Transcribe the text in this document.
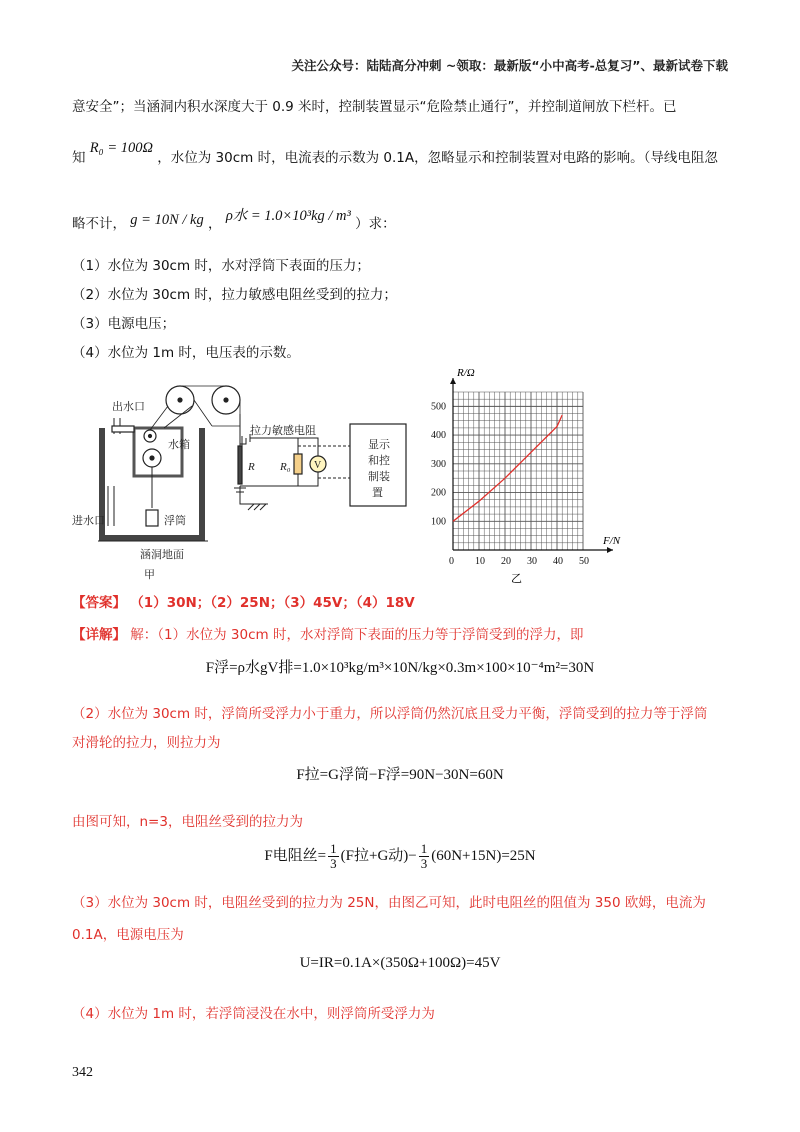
关注公众号：陆陆高分冲刺 ~领取：最新版“小中高考-总复习”、最新试卷下载
意安全”；当涵洞内积水深度大于 0.9 米时，控制装置显示“危险禁止通行”，并控制道闸放下栏杆。已
知 R₀ = 100Ω ，水位为 30cm 时，电流表的示数为 0.1A，忽略显示和控制装置对电路的影响。（导线电阻忽
略不计， g = 10N / kg ， ρ水 = 1.0×10³kg / m³ ）求：
（1）水位为 30cm 时，水对浮筒下表面的压力；
（2）水位为 30cm 时，拉力敏感电阻丝受到的拉力；
（3）电源电压；
（4）水位为 1m 时，电压表的示数。
出水口
进水口
水箱
浮筒
涵洞地面
甲
拉力敏感电阻
R R₀ V
显示
和控
制装
置
0 10 20 30 40 50
100
200
300
400
500
R/Ω
F/N
乙
【答案】 （1）30N；（2）25N；（3）45V；（4）18V
【详解】 解：（1）水位为 30cm 时，水对浮筒下表面的压力等于浮筒受到的浮力，即
F浮=ρ水gV排=1.0×10³kg/m³×10N/kg×0.3m×100×10⁻⁴m²=30N
（2）水位为 30cm 时，浮筒所受浮力小于重力，所以浮筒仍然沉底且受力平衡，浮筒受到的拉力等于浮筒
对滑轮的拉力，则拉力为
F拉=G浮筒−F浮=90N−30N=60N
由图可知，n=3，电阻丝受到的拉力为
F电阻丝= $\frac{1}{3} (F$拉+G动)− $\frac{1}{3} (60N+15N)=25N$
（3）水位为 30cm 时，电阻丝受到的拉力为 25N，由图乙可知，此时电阻丝的阻值为 350 欧姆，电流为
0.1A，电源电压为
U=IR=0.1A×(350Ω+100Ω)=45V
（4）水位为 1m 时，若浮筒浸没在水中，则浮筒所受浮力为
342
